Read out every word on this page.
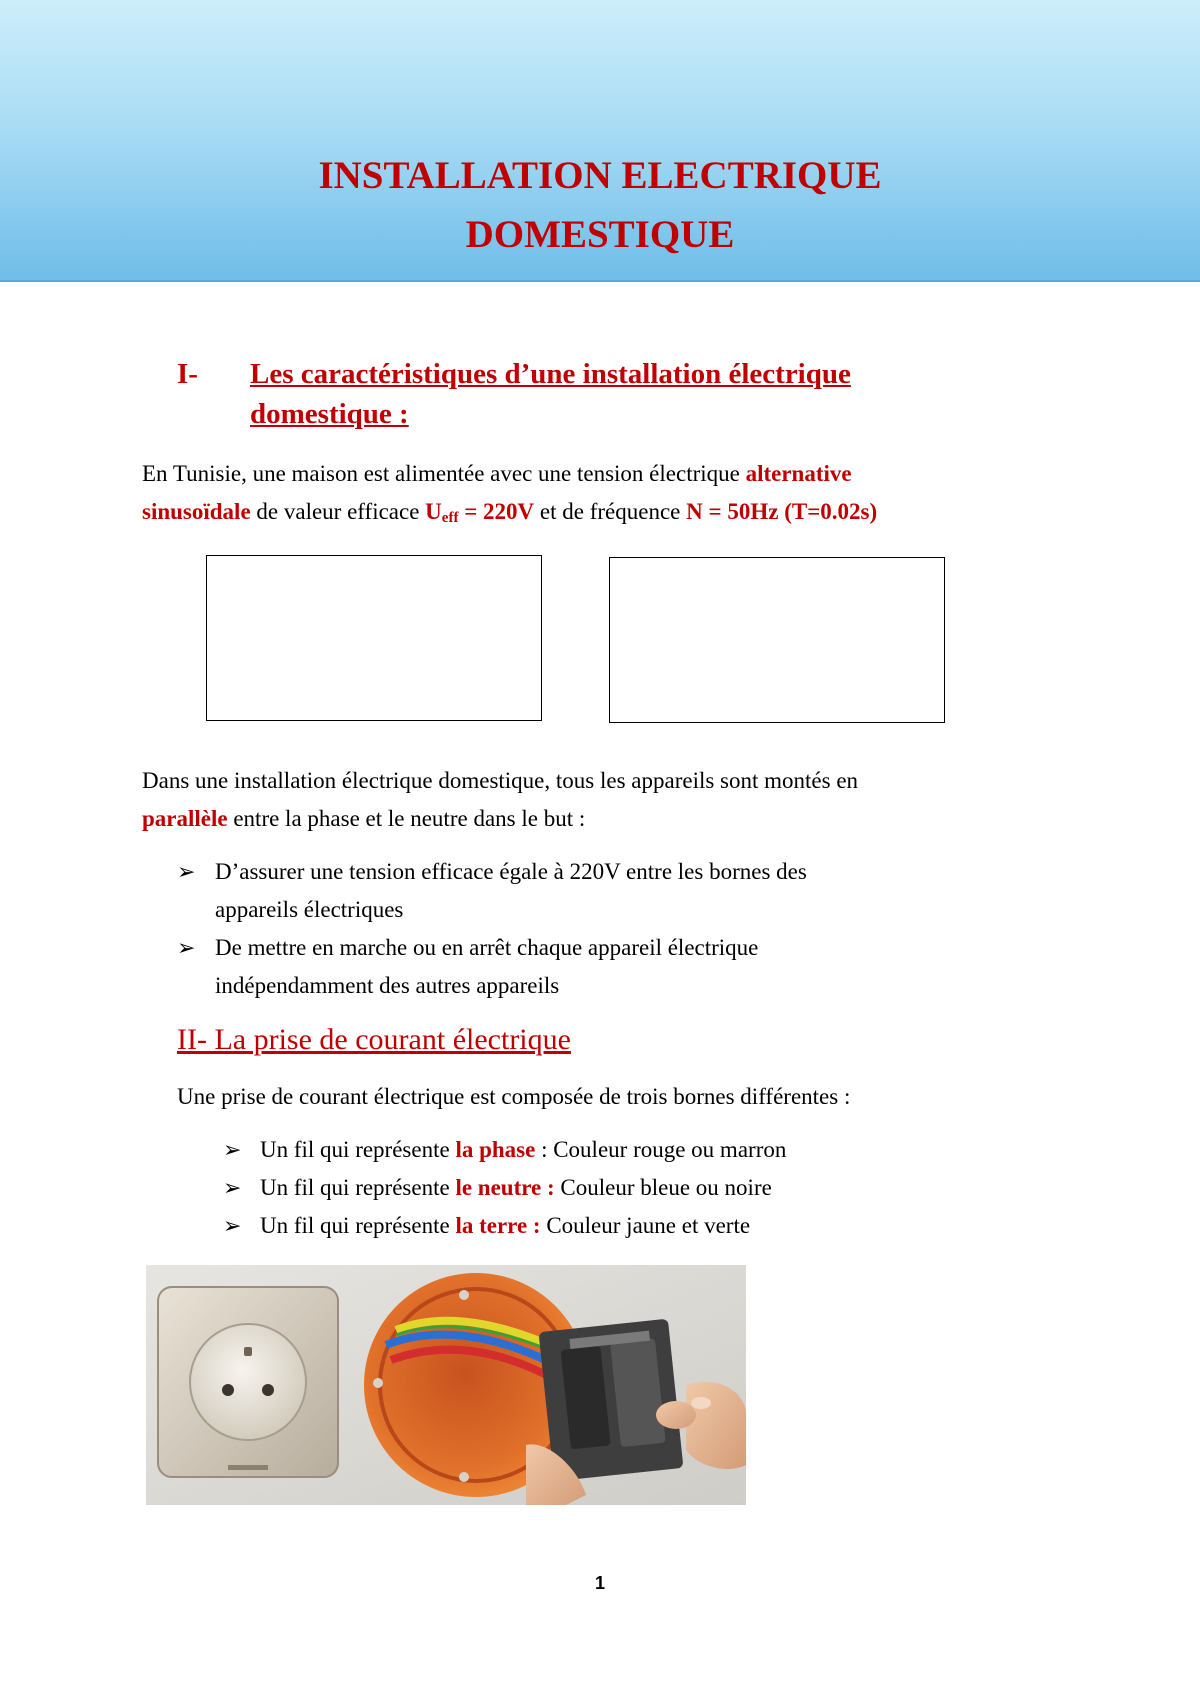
INSTALLATION ELECTRIQUE
DOMESTIQUE
I- Les caractéristiques d’une installation électrique
domestique :
En Tunisie, une maison est alimentée avec une tension électrique alternative
sinusoïdale de valeur efficace $U_{eff} = 220V$ et de fréquence N = 50Hz (T=0.02s)
Dans une installation électrique domestique, tous les appareils sont montés en
parallèle entre la phase et le neutre dans le but :
➢ D’assurer une tension efficace égale à 220V entre les bornes des
appareils électriques
➢ De mettre en marche ou en arrêt chaque appareil électrique
indépendamment des autres appareils
II- La prise de courant électrique
Une prise de courant électrique est composée de trois bornes différentes :
➢ Un fil qui représente la phase : Couleur rouge ou marron
➢ Un fil qui représente le neutre : Couleur bleue ou noire
➢ Un fil qui représente la terre : Couleur jaune et verte
1
